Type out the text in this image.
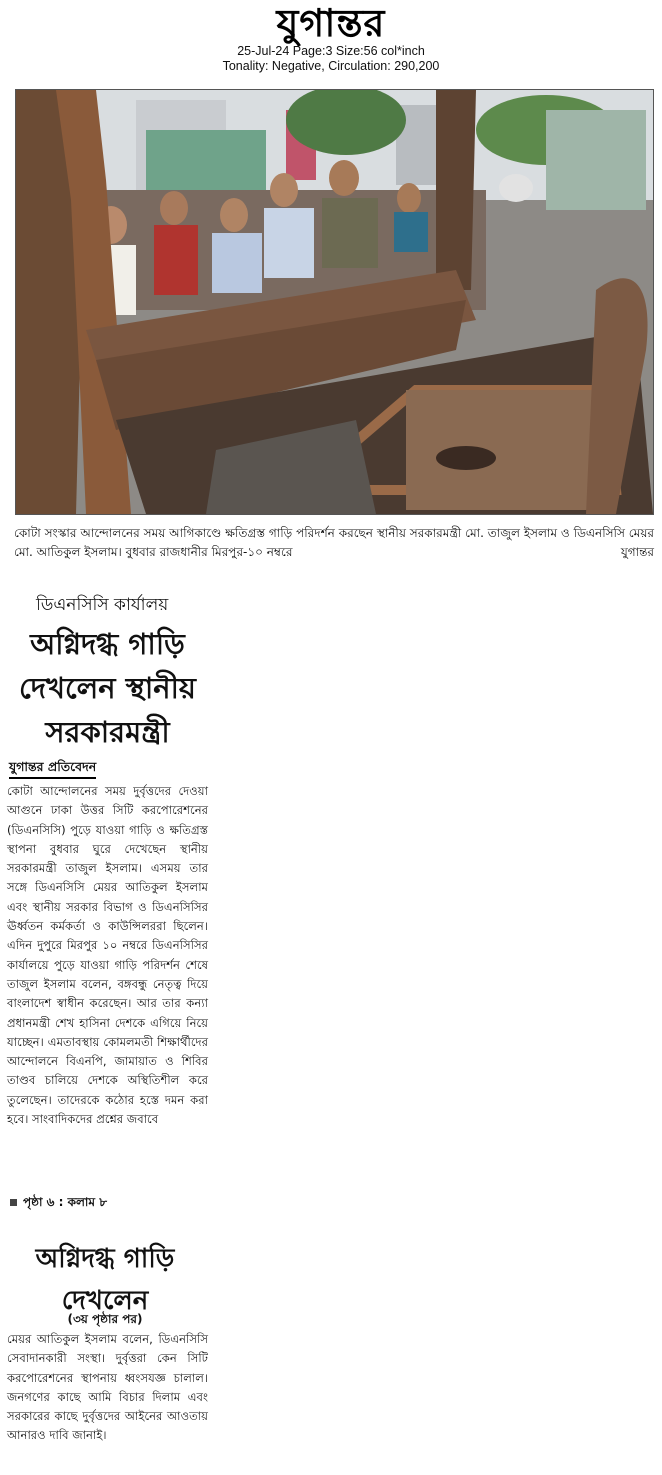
যুগান্তর
25-Jul-24 Page:3 Size:56 col*inch
Tonality: Negative, Circulation: 290,200
কোটা সংস্কার আন্দোলনের সময় আগিকাণ্ডে ক্ষতিগ্রস্ত গাড়ি পরিদর্শন করছেন স্থানীয় সরকারমন্ত্রী মো. তাজুল ইসলাম ও ডিএনসিসি মেয়র মো. আতিকুল ইসলাম। বুধবার রাজধানীর মিরপুর-১০ নম্বরে	যুগান্তর
ডিএনসিসি কার্যালয়
অগ্নিদগ্ধ গাড়ি দেখলেন স্থানীয় সরকারমন্ত্রী
যুগান্তর প্রতিবেদন
কোটা আন্দোলনের সময় দুর্বৃত্তদের দেওয়া আগুনে ঢাকা উত্তর সিটি করপোরেশনের (ডিএনসিসি) পুড়ে যাওয়া গাড়ি ও ক্ষতিগ্রস্ত স্থাপনা বুধবার ঘুরে দেখেছেন স্থানীয় সরকারমন্ত্রী তাজুল ইসলাম। এসময় তার সঙ্গে ডিএনসিসি মেয়র আতিকুল ইসলাম এবং স্থানীয় সরকার বিভাগ ও ডিএনসিসির ঊর্ধ্বতন কর্মকর্তা ও কাউন্সিলররা ছিলেন। এদিন দুপুরে মিরপুর ১০ নম্বরে ডিএনসিসির কার্যালয়ে পুড়ে যাওয়া গাড়ি পরিদর্শন শেষে তাজুল ইসলাম বলেন, বঙ্গবন্ধু নেতৃত্ব দিয়ে বাংলাদেশ স্বাধীন করেছেন। আর তার কন্যা প্রধানমন্ত্রী শেখ হাসিনা দেশকে এগিয়ে নিয়ে যাচ্ছেন। এমতাবস্থায় কোমলমতী শিক্ষার্থীদের আন্দোলনে বিএনপি, জামায়াত ও শিবির তাণ্ডব চালিয়ে দেশকে অস্থিতিশীল করে তুলেছেন। তাদেরকে কঠোর হস্তে দমন করা হবে। সাংবাদিকদের প্রশ্নের জবাবে
পৃষ্ঠা ৬ : কলাম ৮
অগ্নিদগ্ধ গাড়ি দেখলেন
(৩য় পৃষ্ঠার পর)
মেয়র আতিকুল ইসলাম বলেন, ডিএনসিসি সেবাদানকারী সংস্থা। দুর্বৃত্তরা কেন সিটি করপোরেশনের স্থাপনায় ধ্বংসযজ্ঞ চালাল। জনগণের কাছে আমি বিচার দিলাম এবং সরকারের কাছে দুর্বৃত্তদের আইনের আওতায় আনারও দাবি জানাই।
